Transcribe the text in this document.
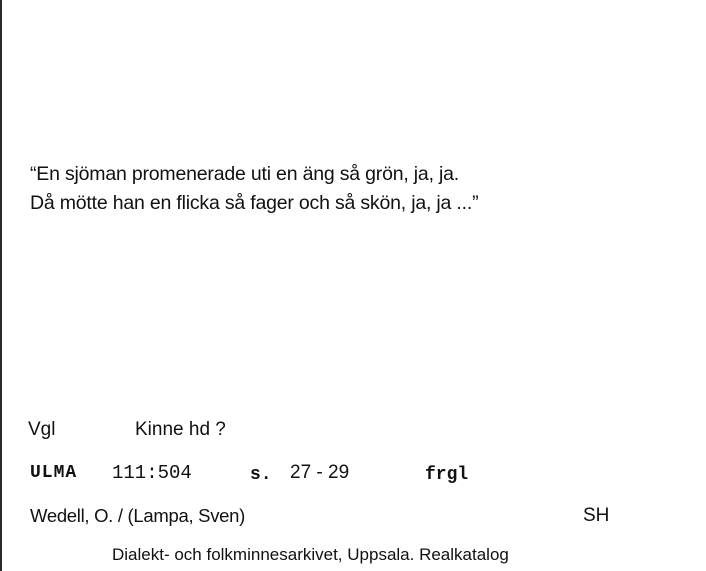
“En sjöman promenerade uti en äng så grön, ja, ja.
Då mötte han en flicka så fager och så skön, ja, ja ...”
Vgl	Kinne hd ?
ULMA 111:504	s. 27 - 29	frgl
Wedell, O. / (Lampa, Sven)	SH
Dialekt- och folkminnesarkivet, Uppsala. Realkatalog
